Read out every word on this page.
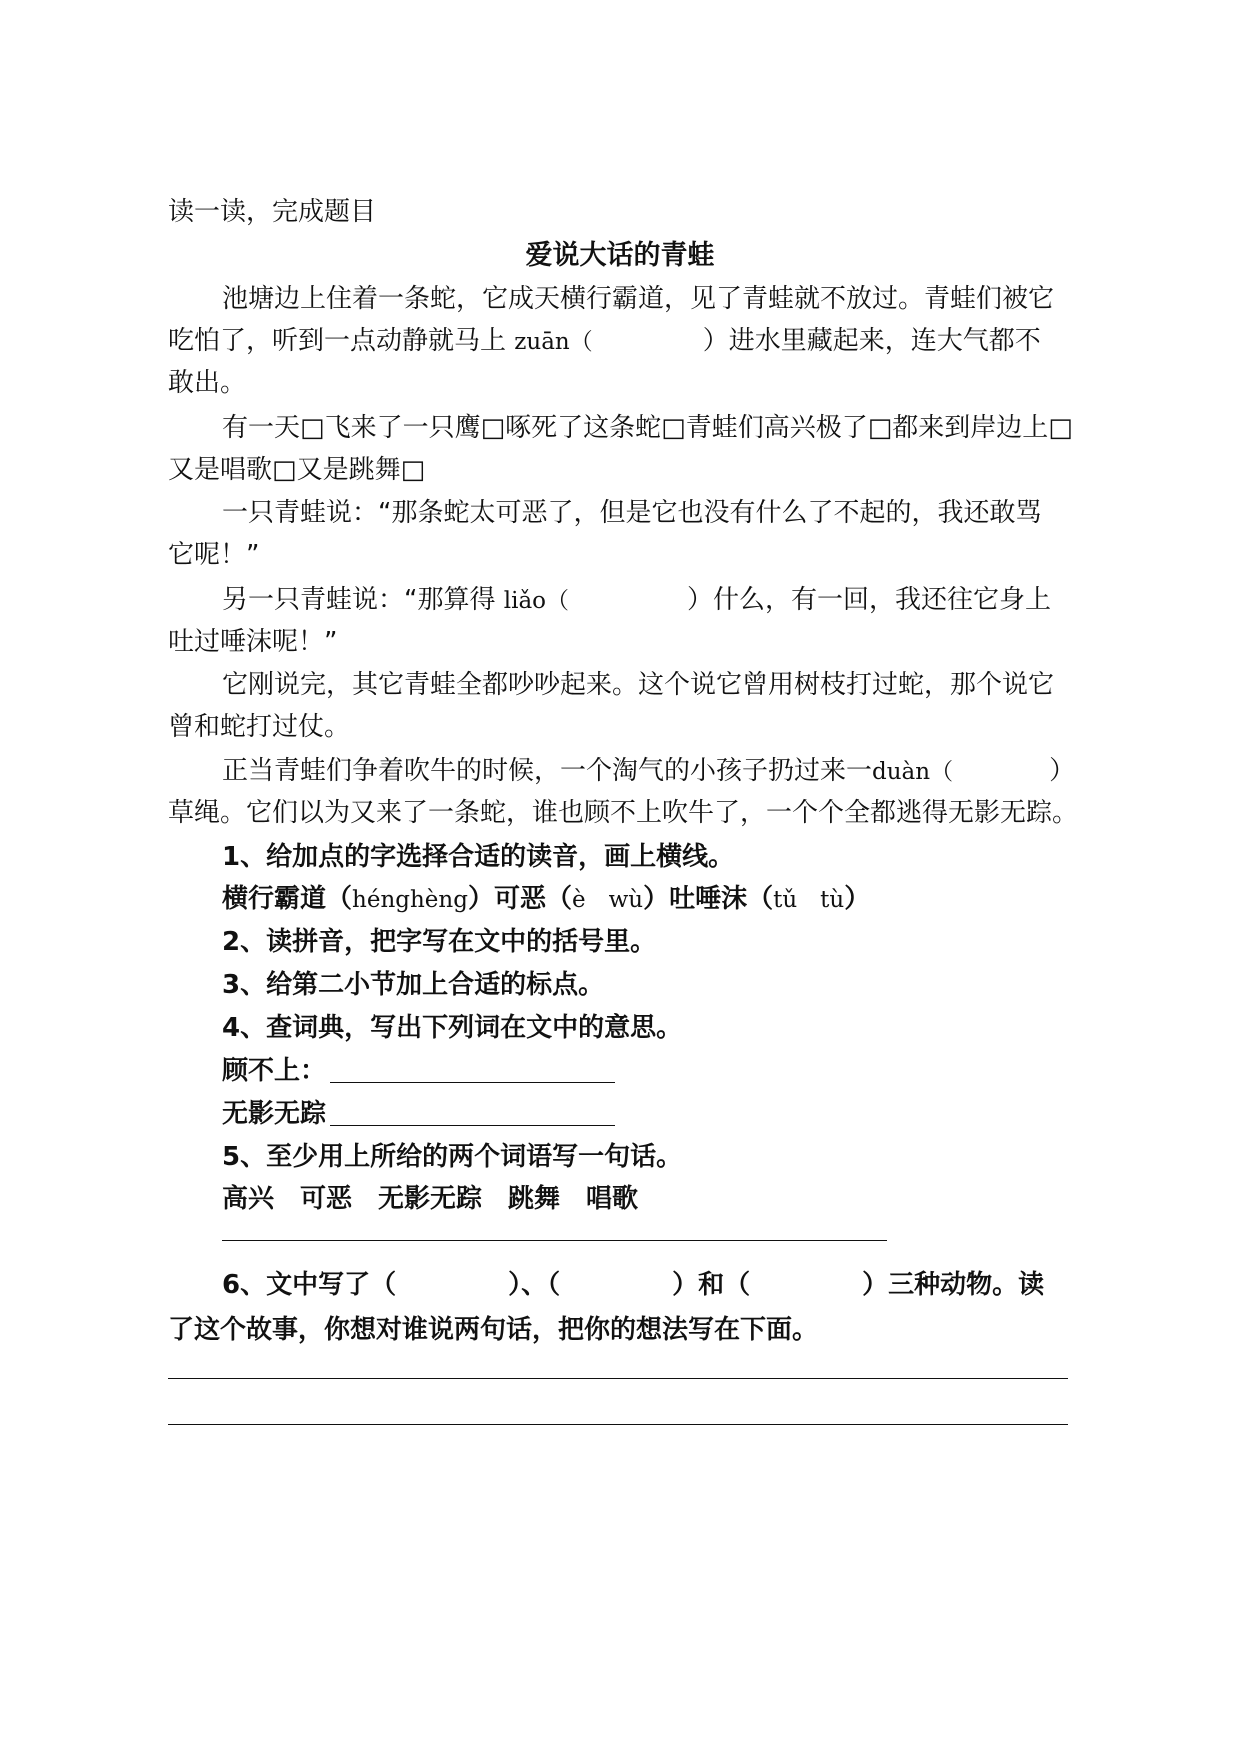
读一读，完成题目
爱说大话的青蛙
池塘边上住着一条蛇，它成天横行霸道，见了青蛙就不放过。青蛙们被它
吃怕了，听到一点动静就马上 zuān（	）进水里藏起来，连大气都不
敢出。
有一天□飞来了一只鹰□啄死了这条蛇□青蛙们高兴极了□都来到岸边上□
又是唱歌□又是跳舞□
一只青蛙说：“那条蛇太可恶了，但是它也没有什么了不起的，我还敢骂
它呢！”
另一只青蛙说：“那算得 liǎo（	）什么，有一回，我还往它身上
吐过唾沫呢！”
它刚说完，其它青蛙全都吵吵起来。这个说它曾用树枝打过蛇，那个说它
曾和蛇打过仗。
正当青蛙们争着吹牛的时候，一个淘气的小孩子扔过来一duàn（	）
草绳。它们以为又来了一条蛇，谁也顾不上吹牛了，一个个全都逃得无影无踪。
1、给加点的字选择合适的读音，画上横线。
横行霸道（hénghèng）可恶（è　wù）吐唾沫（tǔ　tù）
2、读拼音，把字写在文中的括号里。
3、给第二小节加上合适的标点。
4、查词典，写出下列词在文中的意思。
顾不上：
无影无踪
5、至少用上所给的两个词语写一句话。
高兴　可恶　无影无踪　跳舞　唱歌
6、文中写了（	）、（	）和（	）三种动物。读
了这个故事，你想对谁说两句话，把你的想法写在下面。
